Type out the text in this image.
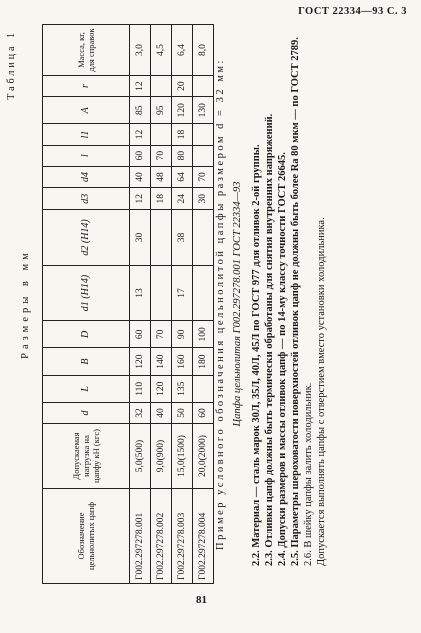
ГОСТ 22334—93 С. 3
Таблица 1
Размеры в мм
Обозначение цельнолитых цапф	Допускаемая нагрузка на цапфу кН (кгс)	d	L	B	D	d1 (H14)	d2 (H14)	d3	d4	l	l1	A	r	Масса, кг, для справок
Г002.297278.001	5,0(500)	32	110	120	60	13	30	12	40	60	12	85	12	3,0
Г002.297278.002	9,0(900)	40	120	140	70			18	48	70		95		4,5
Г002.297278.003	15,0(1500)	50	135	160	90	17	38	24	64	80	18	120	20	6,4
Г002.297278.004	20,0(2000)	60		180	100			30	70			130		8,0

Пример условного обозначения цельнолитой цапфы размером d = 32 мм: Цапфа цельнолитая Г002.297278.001 ГОСТ 22334—93 2.2. Материал — сталь марок 30Л, 35Л, 40Л, 45Л по ГОСТ 977 для отливок 2-ой группы. 2.3. Отливки цапф должны быть термически обработаны для снятия внутренних напряжений. 2.4. Допуски размеров и массы отливок цапф — по 14-му классу точности ГОСТ 26645. 2.5. Параметры шероховатости поверхностей отливок цапф не должны быть более Ra 80 мкм — по ГОСТ 2789. 2.6. В шейку цапфы залить холодильник. Допускается выполнять цапфы с отверстием вместо установки холодильника.

81
